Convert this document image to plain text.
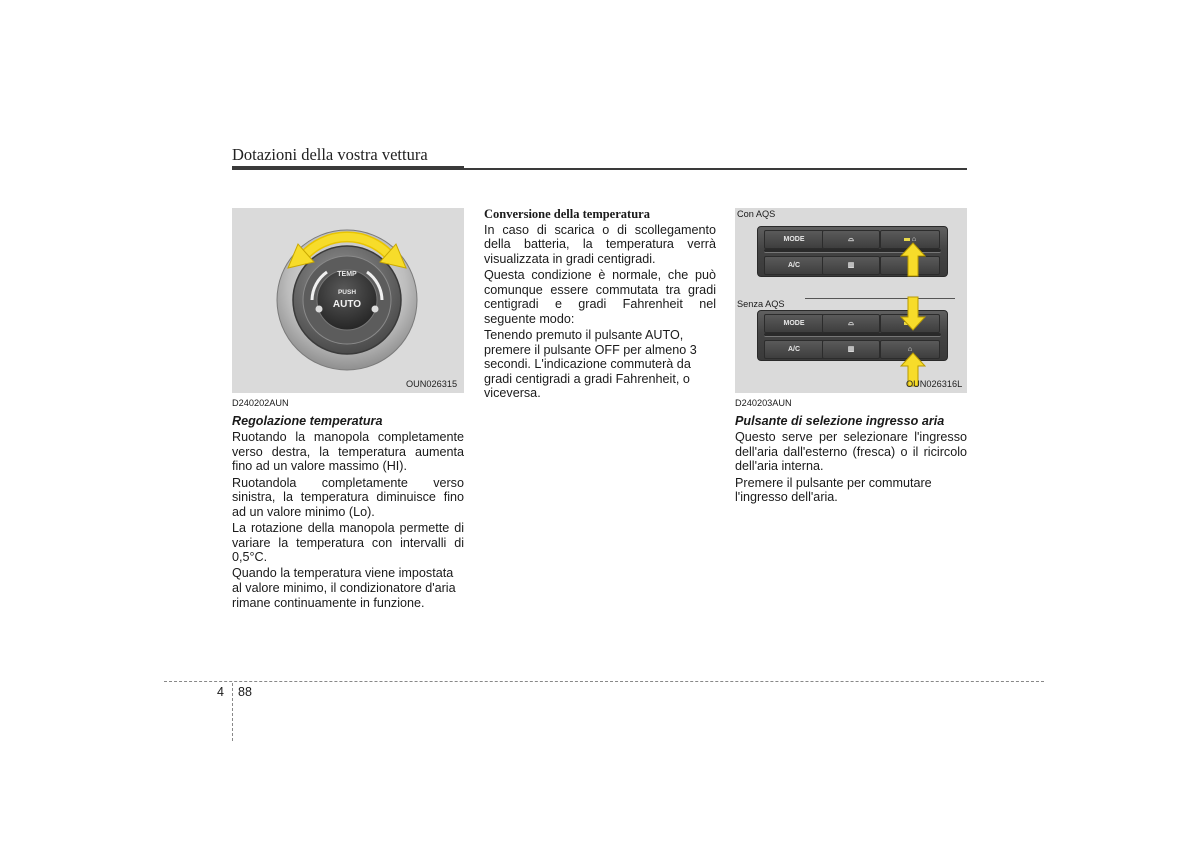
Dotazioni della vostra vettura
TEMP
PUSH
AUTO
OUN026315
D240202AUN
Regolazione temperatura

Ruotando la manopola completamente verso destra, la temperatura aumenta fino ad un valore massimo (HI).

Ruotandola completamente verso sinistra, la temperatura diminuisce fino ad un valore minimo (Lo).

La rotazione della manopola permette di variare la temperatura con intervalli di 0,5°C.

Quando la temperatura viene impostata al valore minimo, il condizionatore d'aria rimane continuamente in funzione.

Conversione della temperatura

In caso di scarica o di scollegamento della batteria, la temperatura verrà visualizzata in gradi centigradi.

Questa condizione è normale, che può comunque essere commutata tra gradi centigradi e gradi Fahrenheit nel seguente modo:

Tenendo premuto il pulsante AUTO, premere il pulsante OFF per almeno 3 secondi. L'indicazione commuterà da gradi centigradi a gradi Fahrenheit, o viceversa.

Con AQS
Senza AQS
MODE	⌓	⌂
A/C	▥
MODE	⌓
A/C	▥	⌂
OUN026316L
D240203AUN
Pulsante di selezione ingresso aria

Questo serve per selezionare l'ingresso dell'aria dall'esterno (fresca) o il ricircolo dell'aria interna.

Premere il pulsante per commutare l'ingresso dell'aria.

4 88
